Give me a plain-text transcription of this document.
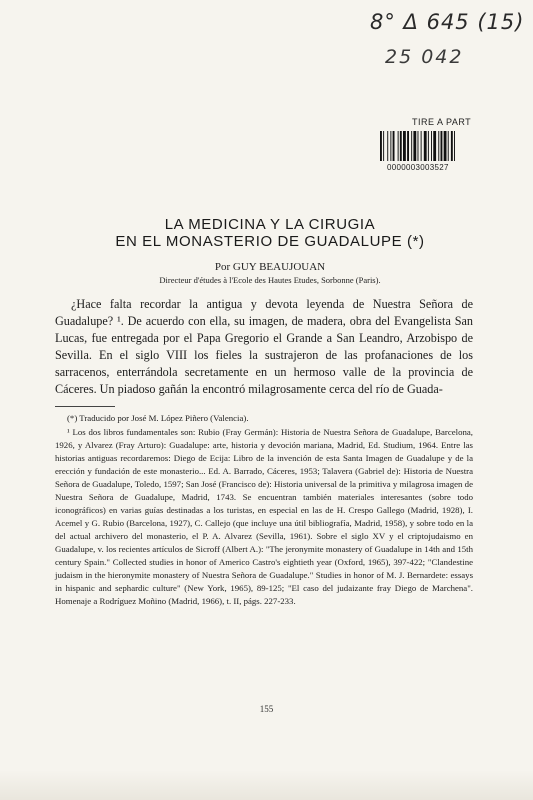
8° Δ 645 (15)
25 042
TIRE A PART
0000003003527
LA MEDICINA Y LA CIRUGIA
EN EL MONASTERIO DE GUADALUPE (*)
Por GUY BEAUJOUAN
Directeur d'études à l'Ecole des Hautes Etudes, Sorbonne (Paris).

¿Hace falta recordar la antigua y devota leyenda de Nuestra Señora de Guadalupe? ¹. De acuerdo con ella, su imagen, de madera, obra del Evangelista San Lucas, fue entregada por el Papa Gregorio el Grande a San Leandro, Arzobispo de Sevilla. En el siglo VIII los fieles la sustrajeron de las profanaciones de los sarracenos, enterrándola secretamente en un hermoso valle de la provincia de Cáceres. Un piadoso gañán la encontró milagrosamente cerca del río de Guada-

(*) Traducido por José M. López Piñero (Valencia).

¹ Los dos libros fundamentales son: Rubio (Fray Germán): Historia de Nuestra Señora de Guadalupe, Barcelona, 1926, y Alvarez (Fray Arturo): Guadalupe: arte, historia y devoción mariana, Madrid, Ed. Studium, 1964. Entre las historias antiguas recordaremos: Diego de Ecija: Libro de la invención de esta Santa Imagen de Guadalupe y de la erección y fundación de este monasterio... Ed. A. Barrado, Cáceres, 1953; Talavera (Gabriel de): Historia de Nuestra Señora de Guadalupe, Toledo, 1597; San José (Francisco de): Historia universal de la primitiva y milagrosa imagen de Nuestra Señora de Guadalupe, Madrid, 1743. Se encuentran también materiales interesantes (sobre todo iconográficos) en varias guías destinadas a los turistas, en especial en las de H. Crespo Gallego (Madrid, 1928), I. Acemel y G. Rubio (Barcelona, 1927), C. Callejo (que incluye una útil bibliografía, Madrid, 1958), y sobre todo en la del actual archivero del monasterio, el P. A. Alvarez (Sevilla, 1961). Sobre el siglo XV y el criptojudaismo en Guadalupe, v. los recientes artículos de Sicroff (Albert A.): "The jeronymite monastery of Guadalupe in 14th and 15th century Spain." Collected studies in honor of Americo Castro's eightieth year (Oxford, 1965), 397-422; "Clandestine judaism in the hieronymite monastery of Nuestra Señora de Guadalupe." Studies in honor of M. J. Bernardete: essays in hispanic and sephardic culture" (New York, 1965), 89-125; "El caso del judaizante fray Diego de Marchena". Homenaje a Rodríguez Moñino (Madrid, 1966), t. II, págs. 227-233.

155
